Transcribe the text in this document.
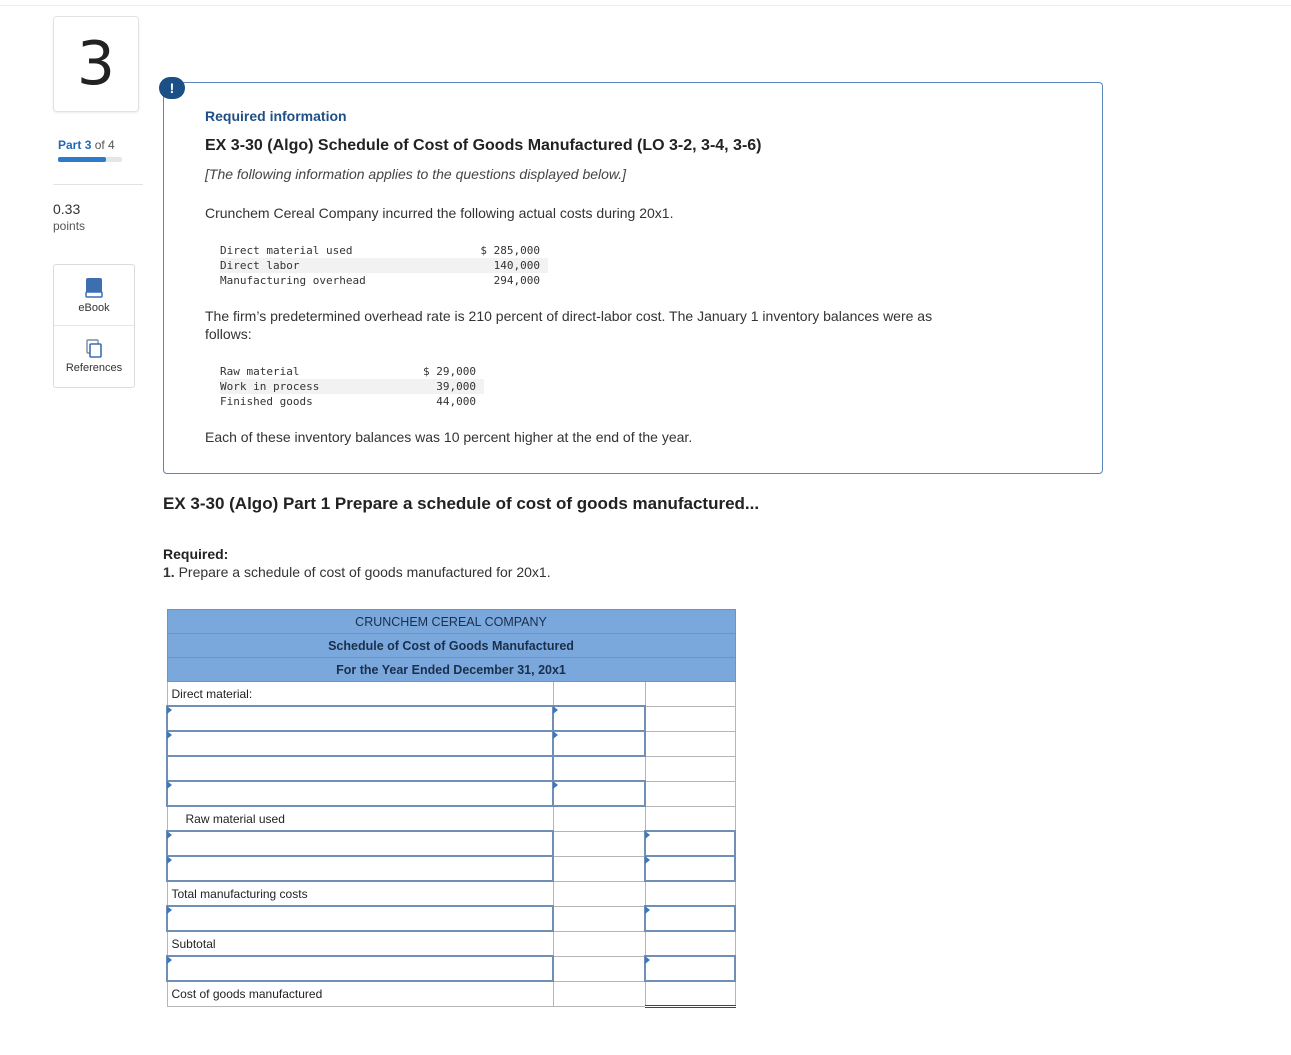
3
Part 3 of 4
0.33
points
eBook
References
!
Required information
EX 3-30 (Algo) Schedule of Cost of Goods Manufactured (LO 3-2, 3-4, 3-6)
[The following information applies to the questions displayed below.]
Crunchem Cereal Company incurred the following actual costs during 20x1.
Direct material used	$ 285,000
Direct labor	140,000
Manufacturing overhead	294,000
The firm’s predetermined overhead rate is 210 percent of direct-labor cost. The January 1 inventory balances were as
follows:
Raw material	$ 29,000
Work in process	39,000
Finished goods	44,000
Each of these inventory balances was 10 percent higher at the end of the year.
EX 3-30 (Algo) Part 1 Prepare a schedule of cost of goods manufactured...
Required:
1. Prepare a schedule of cost of goods manufactured for 20x1.
CRUNCHEM CEREAL COMPANY		
Schedule of Cost of Goods Manufactured		
For the Year Ended December 31, 20x1		
Direct material:		

Raw material used		

Total manufacturing costs		

Subtotal		

Cost of goods manufactured		
